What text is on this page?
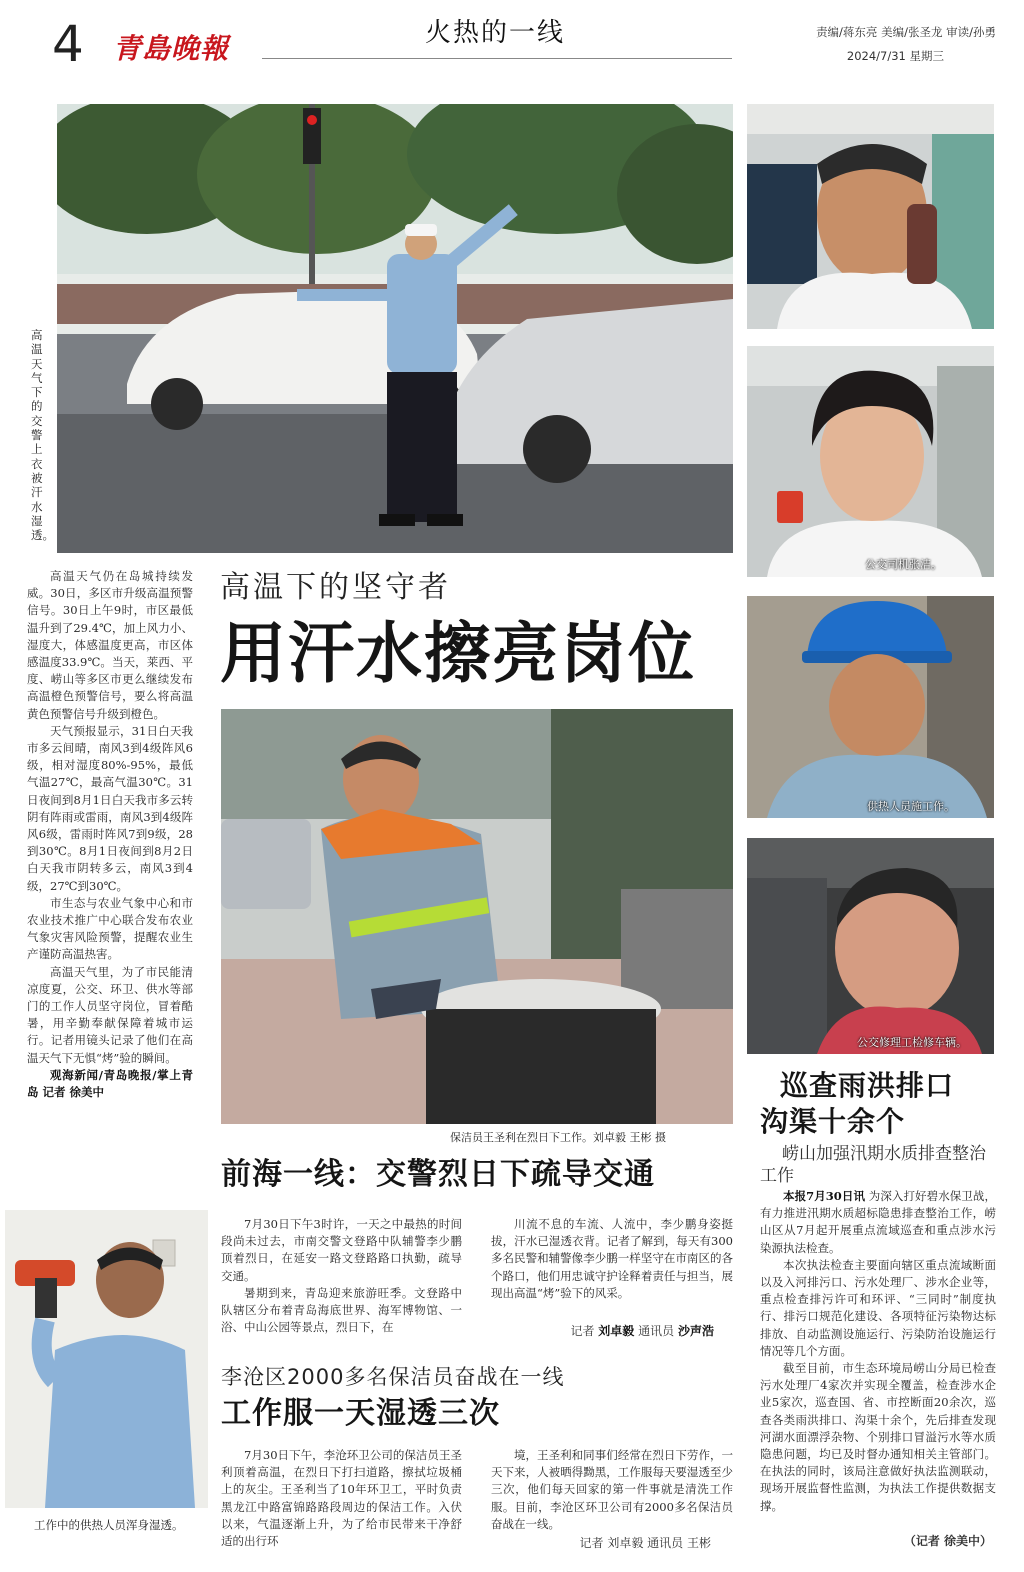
4 青島晚報	火热的一线	责编/蒋东亮 美编/张圣龙 审读/孙勇
2024/7/31 星期三
高温天气下的交警上衣被汗水湿透。
公交司机张洁。
供热人员施工作。
公交修理工检修车辆。

高温天气仍在岛城持续发威。30日，多区市升级高温预警信号。30日上午9时，市区最低温升到了29.4℃，加上风力小、湿度大，体感温度更高，市区体感温度33.9℃。当天，莱西、平度、崂山等多区市更么继续发布高温橙色预警信号，要么将高温黄色预警信号升级到橙色。

天气预报显示，31日白天我市多云间晴，南风3到4级阵风6级，相对湿度80%-95%，最低气温27℃，最高气温30℃。31日夜间到8月1日白天我市多云转阴有阵雨或雷雨，南风3到4级阵风6级，雷雨时阵风7到9级，28到30℃。8月1日夜间到8月2日白天我市阴转多云，南风3到4级，27℃到30℃。

市生态与农业气象中心和市农业技术推广中心联合发布农业气象灾害风险预警，提醒农业生产谨防高温热害。

高温天气里，为了市民能清凉度夏，公交、环卫、供水等部门的工作人员坚守岗位，冒着酷暑，用辛勤奉献保障着城市运行。记者用镜头记录了他们在高温天气下无惧“烤”验的瞬间。

观海新闻/青岛晚报/掌上青岛 记者 徐美中

高温下的坚守者
用汗水擦亮岗位
保洁员王圣利在烈日下工作。刘卓毅 王彬 摄
前海一线：交警烈日下疏导交通

7月30日下午3时许，一天之中最热的时间段尚未过去，市南交警文登路中队辅警李少鹏顶着烈日，在延安一路文登路路口执勤，疏导交通。

暑期到来，青岛迎来旅游旺季。文登路中队辖区分布着青岛海底世界、海军博物馆、一浴、中山公园等景点，烈日下，在

川流不息的车流、人流中，李少鹏身姿挺拔，汗水已湿透衣背。记者了解到，每天有300多名民警和辅警像李少鹏一样坚守在市南区的各个路口，他们用忠诚守护诠释着责任与担当，展现出高温“烤”验下的风采。

记者 刘卓毅 通讯员 沙声浩
李沧区2000多名保洁员奋战在一线
工作服一天湿透三次

7月30日下午，李沧环卫公司的保洁员王圣利顶着高温，在烈日下打扫道路，擦拭垃圾桶上的灰尘。王圣利当了10年环卫工，平时负责黑龙江中路富锦路路段周边的保洁工作。入伏以来，气温逐渐上升，为了给市民带来干净舒适的出行环

境，王圣利和同事们经常在烈日下劳作，一天下来，人被晒得黝黑，工作服每天要湿透至少三次，他们每天回家的第一件事就是清洗工作服。目前，李沧区环卫公司有2000多名保洁员奋战在一线。

记者 刘卓毅 通讯员 王彬
工作中的供热人员浑身湿透。
巡查雨洪排口
沟渠十余个
崂山加强汛期水质排查整治工作

本报7月30日讯 为深入打好碧水保卫战，有力推进汛期水质超标隐患排查整治工作，崂山区从7月起开展重点流域巡查和重点涉水污染源执法检查。

本次执法检查主要面向辖区重点流域断面以及入河排污口、污水处理厂、涉水企业等，重点检查排污许可和环评、“三同时”制度执行、排污口规范化建设、各项特征污染物达标排放、自动监测设施运行、污染防治设施运行情况等几个方面。

截至目前，市生态环境局崂山分局已检查污水处理厂4家次并实现全覆盖，检查涉水企业5家次，巡查国、省、市控断面20余次，巡查各类雨洪排口、沟渠十余个，先后排查发现河湖水面漂浮杂物、个别排口冒溢污水等水质隐患问题，均已及时督办通知相关主管部门。在执法的同时，该局注意做好执法监测联动，现场开展监督性监测，为执法工作提供数据支撑。

（记者 徐美中）
